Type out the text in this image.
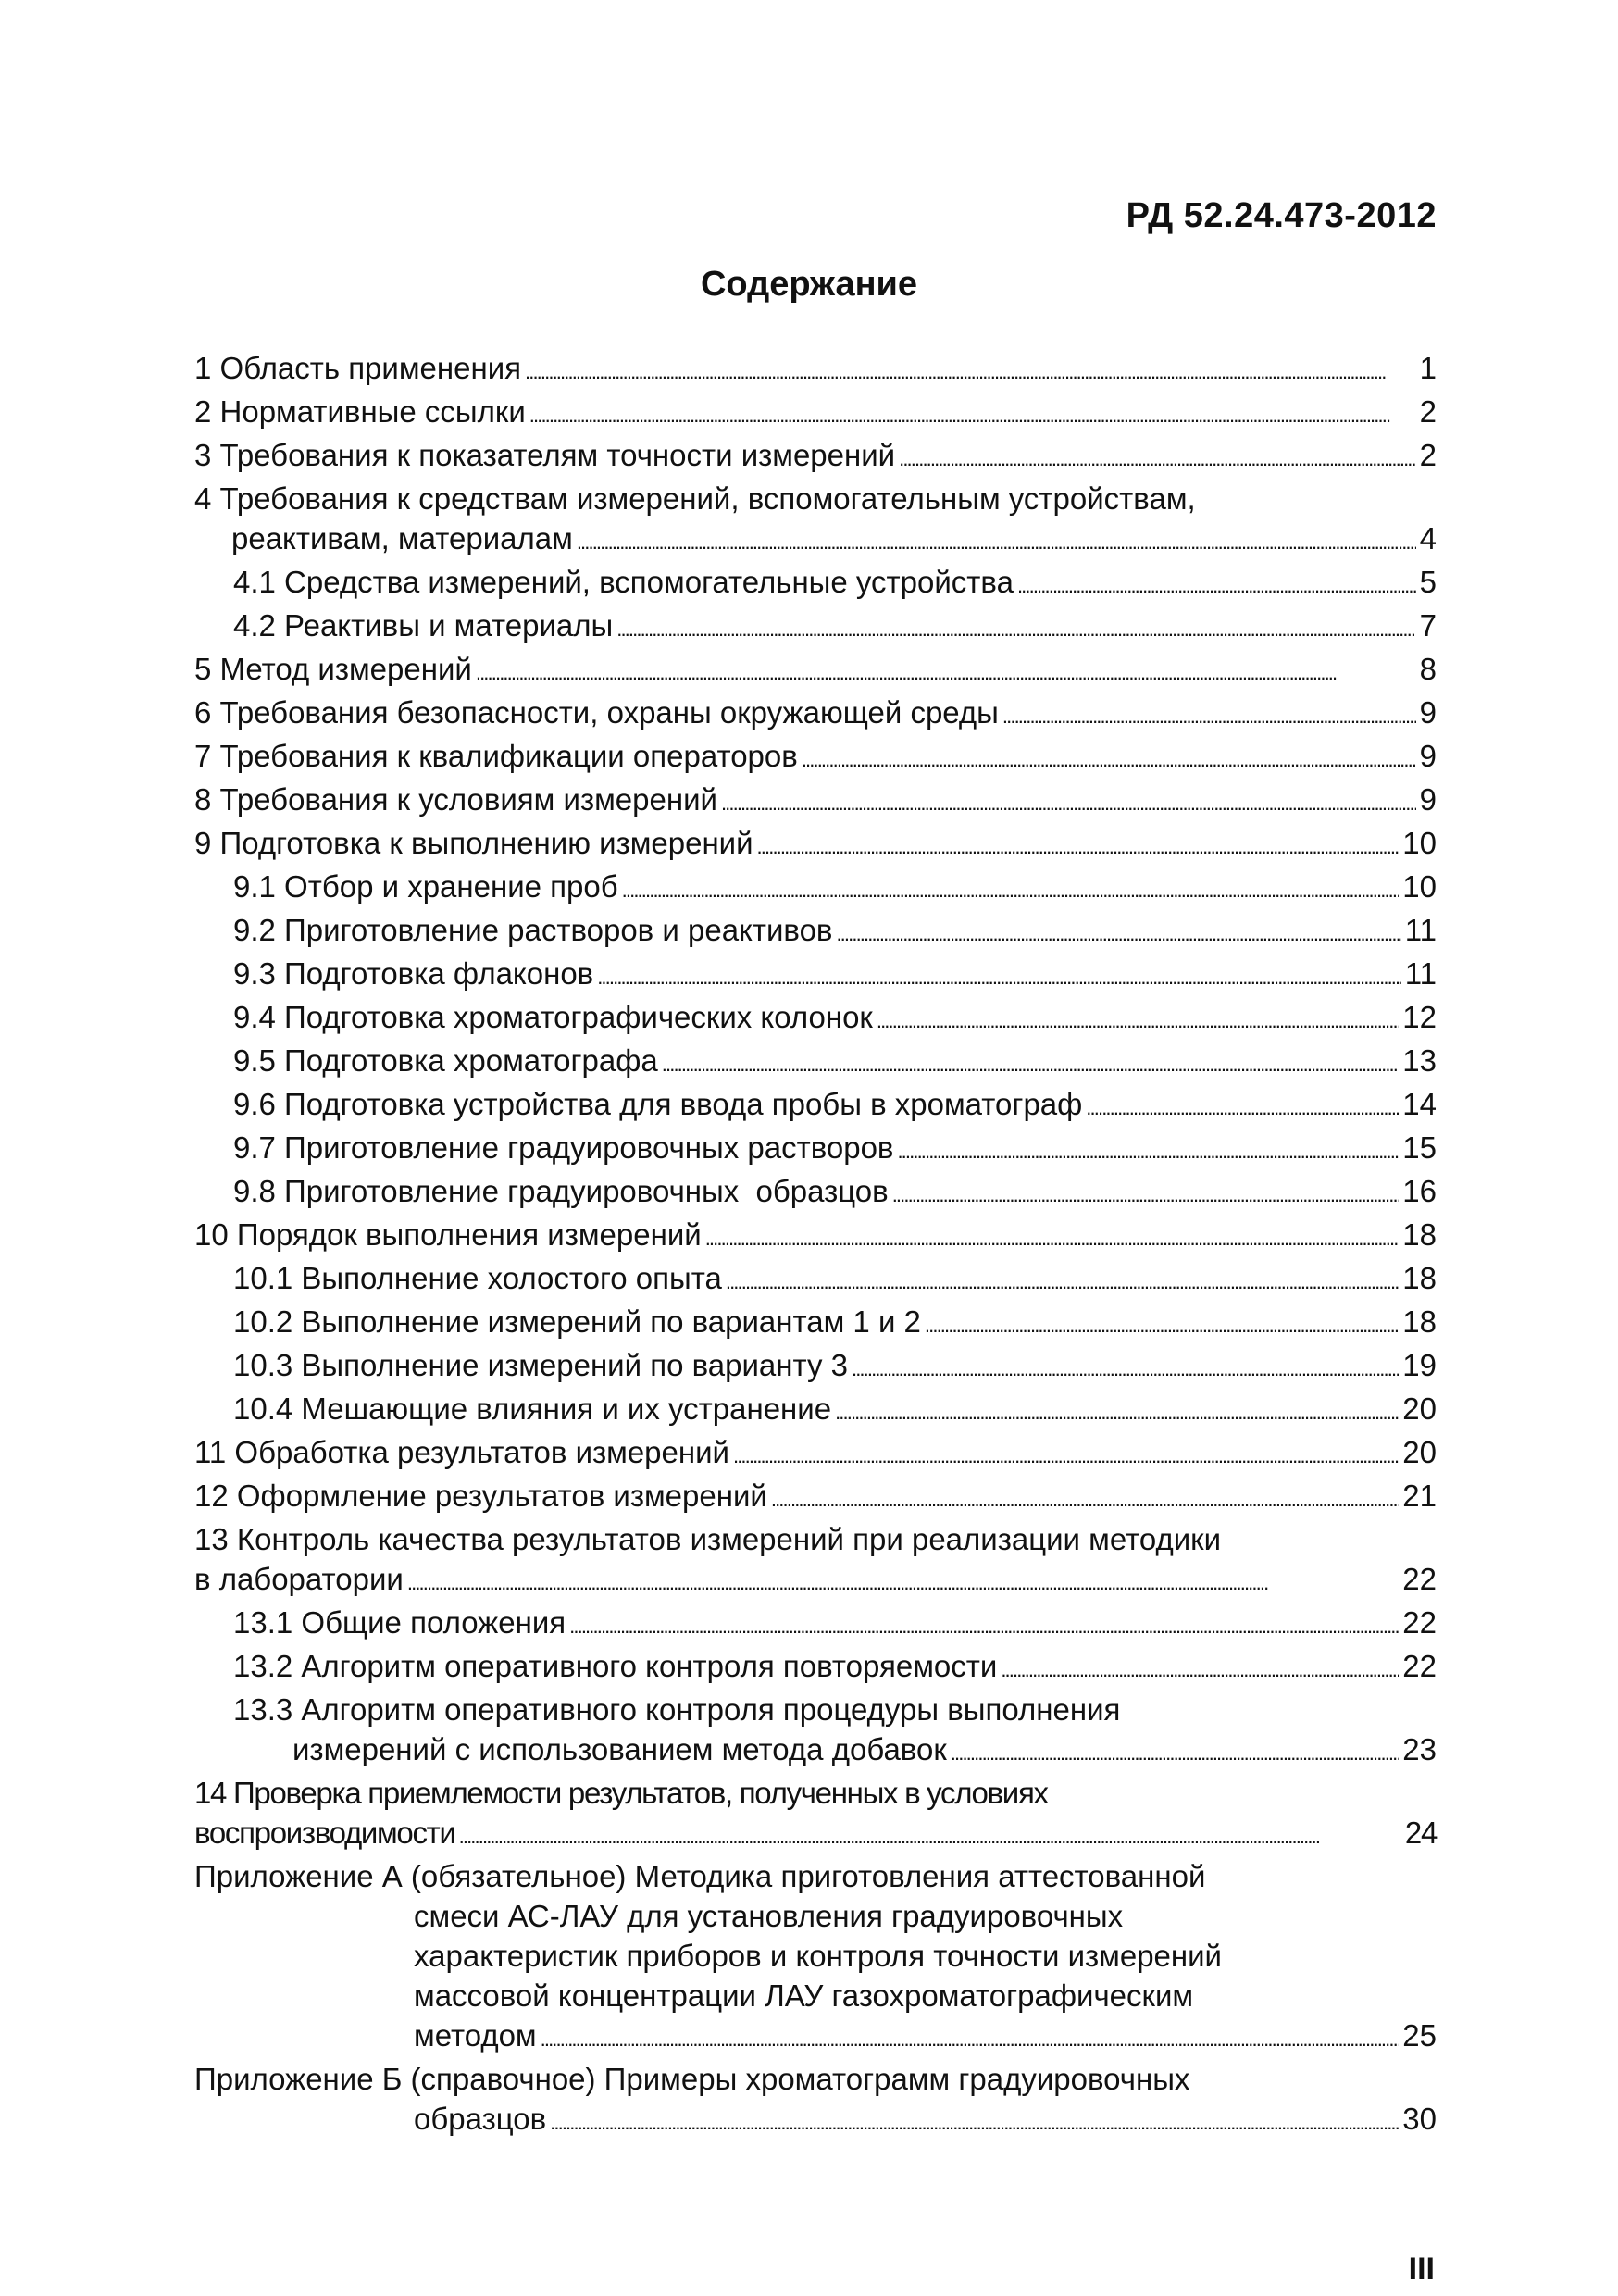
РД 52.24.473-2012
Содержание
1 Область применения . . .	1
2 Нормативные ссылки . . .	2
3 Требования к показателям точности измерений . . .	2
4 Требования к средствам измерений, вспомогательным устройствам,
реактивам, материалам . . .	4
4.1 Средства измерений, вспомогательные устройства . . .	5
4.2 Реактивы и материалы . . .	7
5 Метод измерений . . .	8
6 Требования безопасности, охраны окружающей среды . . .	9
7 Требования к квалификации операторов . . .	9
8 Требования к условиям измерений . . .	9
9 Подготовка к выполнению измерений . . .	10
9.1 Отбор и хранение проб . . .	10
9.2 Приготовление растворов и реактивов . . .	11
9.3 Подготовка флаконов . . .	11
9.4 Подготовка хроматографических колонок . . .	12
9.5 Подготовка хроматографа . . .	13
9.6 Подготовка устройства для ввода пробы в хроматограф . . .	14
9.7 Приготовление градуировочных растворов . . .	15
9.8 Приготовление градуировочных  образцов . . .	16
10 Порядок выполнения измерений . . .	18
10.1 Выполнение холостого опыта . . .	18
10.2 Выполнение измерений по вариантам 1 и 2 . . .	18
10.3 Выполнение измерений по варианту 3 . . .	19
10.4 Мешающие влияния и их устранение . . .	20
11 Обработка результатов измерений . . .	20
12 Оформление результатов измерений . . .	21
13 Контроль качества результатов измерений при реализации методики
в лаборатории . . .	22
13.1 Общие положения . . .	22
13.2 Алгоритм оперативного контроля повторяемости . . .	22
13.3 Алгоритм оперативного контроля процедуры выполнения
измерений с использованием метода добавок . . .	23
14 Проверка приемлемости результатов, полученных в условиях
воспроизводимости . . .	24
Приложение А (обязательное) Методика приготовления аттестованной
смеси АС-ЛАУ для установления градуировочных
характеристик приборов и контроля точности измерений
массовой концентрации ЛАУ газохроматографическим
методом . . .	25
Приложение Б (справочное) Примеры хроматограмм градуировочных
образцов . . .	30
III
